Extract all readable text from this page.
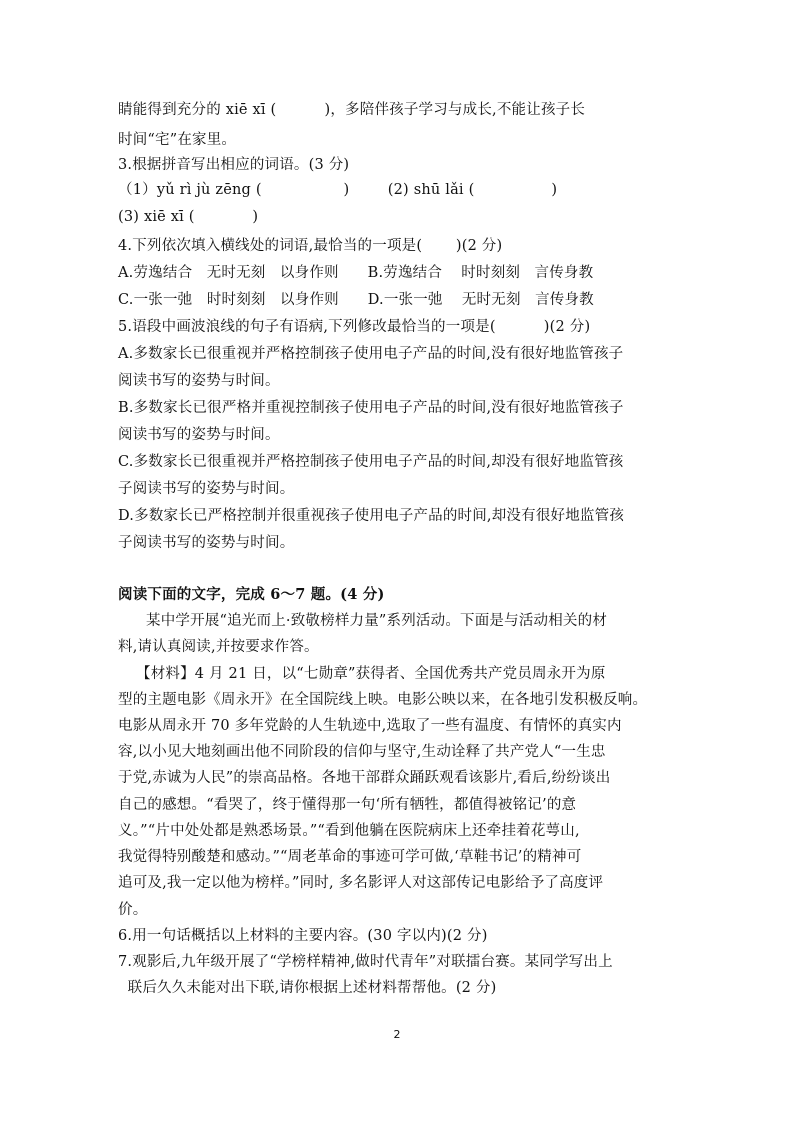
睛能得到充分的 xiē xī (          )，多陪伴孩子学习与成长,不能让孩子长
时间“宅”在家里。
3.根据拼音写出相应的词语。(3 分)
（1）yǔ rì jù zēng (                 )        (2) shū lǎi (                )
(3) xiē xī (            )
4.下列依次填入横线处的词语,最恰当的一项是(       )(2 分)
A.劳逸结合   无时无刻   以身作则      B.劳逸结合    时时刻刻   言传身教
C.一张一弛   时时刻刻   以身作则      D.一张一弛    无时无刻   言传身教
5.语段中画波浪线的句子有语病,下列修改最恰当的一项是(          )(2 分)
A.多数家长已很重视并严格控制孩子使用电子产品的时间,没有很好地监管孩子
阅读书写的姿势与时间。
B.多数家长已很严格并重视控制孩子使用电子产品的时间,没有很好地监管孩子
阅读书写的姿势与时间。
C.多数家长已很重视并严格控制孩子使用电子产品的时间,却没有很好地监管孩
子阅读书写的姿势与时间。
D.多数家长已严格控制并很重视孩子使用电子产品的时间,却没有很好地监管孩
子阅读书写的姿势与时间。
阅读下面的文字，完成 6～7 题。(4 分)
某中学开展“追光而上·致敬榜样力量”系列活动。下面是与活动相关的材
料,请认真阅读,并按要求作答。
【材料】4 月 21 日，以“七勋章”获得者、全国优秀共产党员周永开为原
型的主题电影《周永开》在全国院线上映。电影公映以来，在各地引发积极反响。
电影从周永开 70 多年党龄的人生轨迹中,选取了一些有温度、有情怀的真实内
容,以小见大地刻画出他不同阶段的信仰与坚守,生动诠释了共产党人“一生忠
于党,赤诚为人民”的崇高品格。各地干部群众踊跃观看该影片,看后,纷纷谈出
自己的感想。“看哭了，终于懂得那一句‘所有牺牲，都值得被铭记’的意
义。”“片中处处都是熟悉场景。”“看到他躺在医院病床上还牵挂着花萼山,
我觉得特别酸楚和感动。”“周老革命的事迹可学可做,‘草鞋书记’的精神可
追可及,我一定以他为榜样。”同时, 多名影评人对这部传记电影给予了高度评
价。
6.用一句话概括以上材料的主要内容。(30 字以内)(2 分)
7.观影后,九年级开展了“学榜样精神,做时代青年”对联擂台赛。某同学写出上
联后久久未能对出下联,请你根据上述材料帮帮他。(2 分)
2
